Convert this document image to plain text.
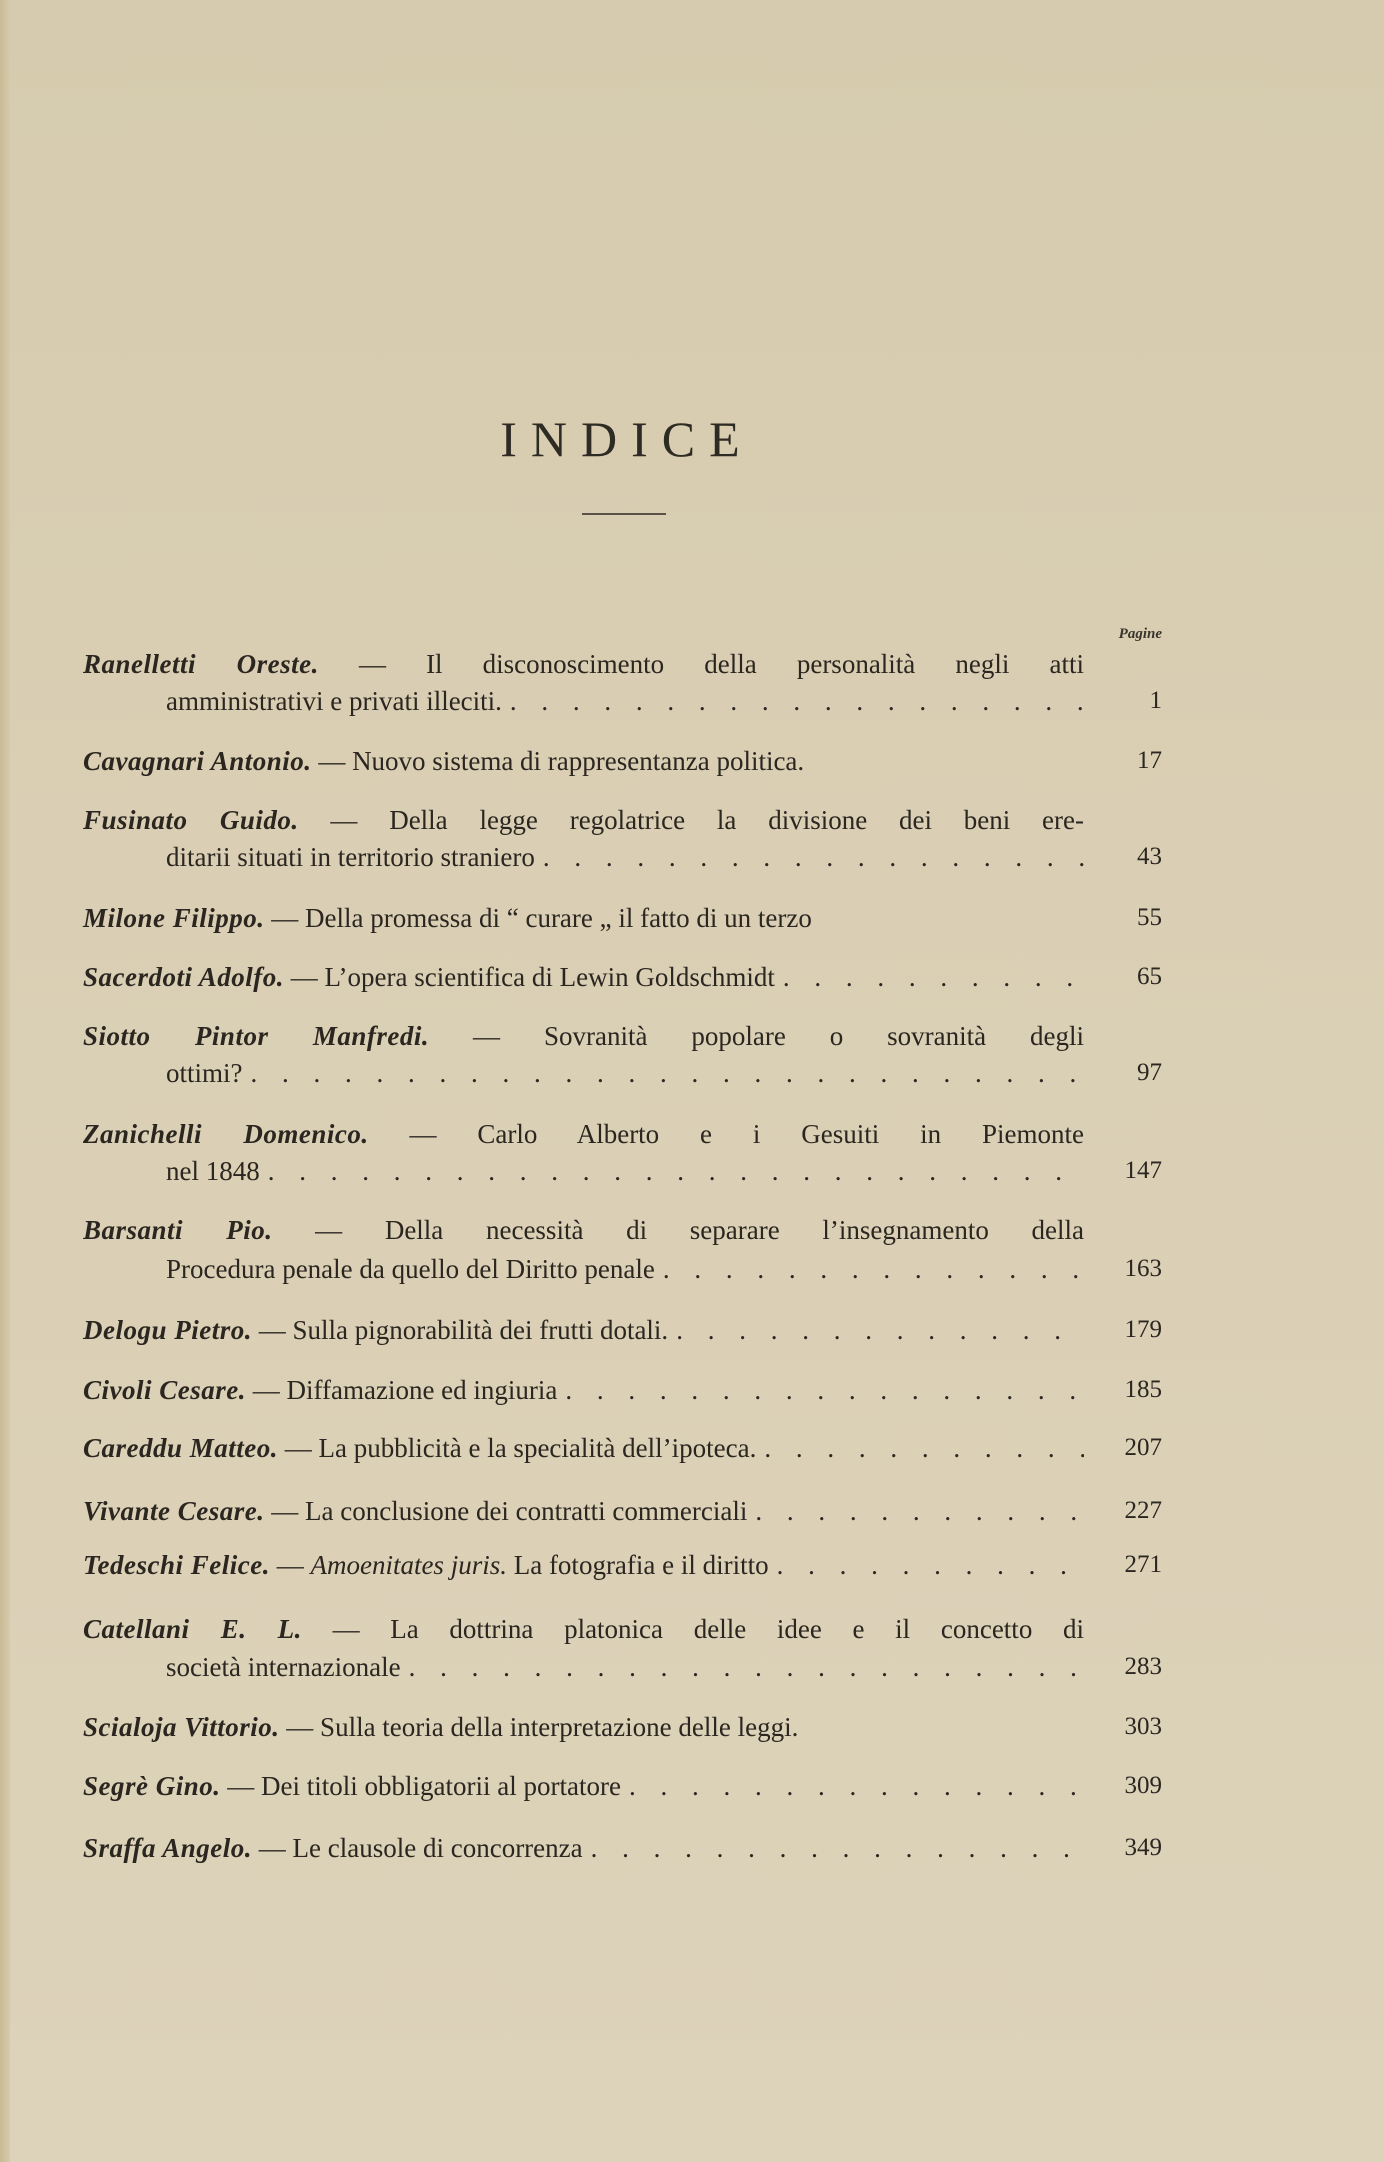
INDICE
Pagine
Ranelletti Oreste. — Il disconoscimento della personalità negli atti
amministrativi e privati illeciti. . . .	1
Cavagnari Antonio. — Nuovo sistema di rappresentanza politica.	17
Fusinato Guido. — Della legge regolatrice la divisione dei beni ere-
ditarii situati in territorio straniero . . .	43
Milone Filippo. — Della promessa di “ curare „ il fatto di un terzo	55
Sacerdoti Adolfo. — L’opera scientifica di Lewin Goldschmidt . . .	65
Siotto Pintor Manfredi. — Sovranità popolare o sovranità degli
ottimi? . . .	97
Zanichelli Domenico. — Carlo Alberto e i Gesuiti in Piemonte
nel 1848 . . .	147
Barsanti Pio. — Della necessità di separare l’insegnamento della
Procedura penale da quello del Diritto penale . . .	163
Delogu Pietro. — Sulla pignorabilità dei frutti dotali. . . .	179
Civoli Cesare. — Diffamazione ed ingiuria . . .	185
Careddu Matteo. — La pubblicità e la specialità dell’ipoteca. . . .	207
Vivante Cesare. — La conclusione dei contratti commerciali . . .	227
Tedeschi Felice. — Amoenitates juris. La fotografia e il diritto . . .	271
Catellani E. L. — La dottrina platonica delle idee e il concetto di
società internazionale . . .	283
Scialoja Vittorio. — Sulla teoria della interpretazione delle leggi.	303
Segrè Gino. — Dei titoli obbligatorii al portatore . . .	309
Sraffa Angelo. — Le clausole di concorrenza . . .	349
